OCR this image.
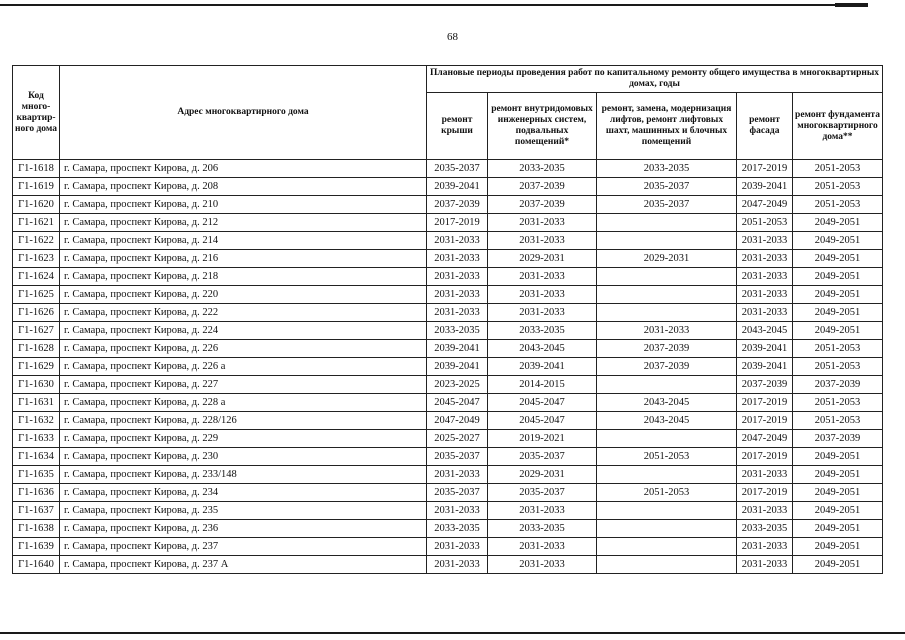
68
Код много-квартир-ного дома	Адрес многоквартирного дома	Плановые периоды проведения работ по капитальному ремонту общего имущества в многоквартирных домах, годы				
		ремонт крыши	ремонт внутридомовых инженерных систем, подвальных помещений*	ремонт, замена, модернизация лифтов, ремонт лифтовых шахт, машинных и блочных помещений	ремонт фасада	ремонт фундамента многоквартирного дома**
Г1-1618	г. Самара, проспект Кирова, д. 206	2035-2037	2033-2035	2033-2035	2017-2019	2051-2053
Г1-1619	г. Самара, проспект Кирова, д. 208	2039-2041	2037-2039	2035-2037	2039-2041	2051-2053
Г1-1620	г. Самара, проспект Кирова, д. 210	2037-2039	2037-2039	2035-2037	2047-2049	2051-2053
Г1-1621	г. Самара, проспект Кирова, д. 212	2017-2019	2031-2033		2051-2053	2049-2051
Г1-1622	г. Самара, проспект Кирова, д. 214	2031-2033	2031-2033		2031-2033	2049-2051
Г1-1623	г. Самара, проспект Кирова, д. 216	2031-2033	2029-2031	2029-2031	2031-2033	2049-2051
Г1-1624	г. Самара, проспект Кирова, д. 218	2031-2033	2031-2033		2031-2033	2049-2051
Г1-1625	г. Самара, проспект Кирова, д. 220	2031-2033	2031-2033		2031-2033	2049-2051
Г1-1626	г. Самара, проспект Кирова, д. 222	2031-2033	2031-2033		2031-2033	2049-2051
Г1-1627	г. Самара, проспект Кирова, д. 224	2033-2035	2033-2035	2031-2033	2043-2045	2049-2051
Г1-1628	г. Самара, проспект Кирова, д. 226	2039-2041	2043-2045	2037-2039	2039-2041	2051-2053
Г1-1629	г. Самара, проспект Кирова, д. 226 а	2039-2041	2039-2041	2037-2039	2039-2041	2051-2053
Г1-1630	г. Самара, проспект Кирова, д. 227	2023-2025	2014-2015		2037-2039	2037-2039
Г1-1631	г. Самара, проспект Кирова, д. 228 а	2045-2047	2045-2047	2043-2045	2017-2019	2051-2053
Г1-1632	г. Самара, проспект Кирова, д. 228/126	2047-2049	2045-2047	2043-2045	2017-2019	2051-2053
Г1-1633	г. Самара, проспект Кирова, д. 229	2025-2027	2019-2021		2047-2049	2037-2039
Г1-1634	г. Самара, проспект Кирова, д. 230	2035-2037	2035-2037	2051-2053	2017-2019	2049-2051
Г1-1635	г. Самара, проспект Кирова, д. 233/148	2031-2033	2029-2031		2031-2033	2049-2051
Г1-1636	г. Самара, проспект Кирова, д. 234	2035-2037	2035-2037	2051-2053	2017-2019	2049-2051
Г1-1637	г. Самара, проспект Кирова, д. 235	2031-2033	2031-2033		2031-2033	2049-2051
Г1-1638	г. Самара, проспект Кирова, д. 236	2033-2035	2033-2035		2033-2035	2049-2051
Г1-1639	г. Самара, проспект Кирова, д. 237	2031-2033	2031-2033		2031-2033	2049-2051
Г1-1640	г. Самара, проспект Кирова, д. 237 А	2031-2033	2031-2033		2031-2033	2049-2051
